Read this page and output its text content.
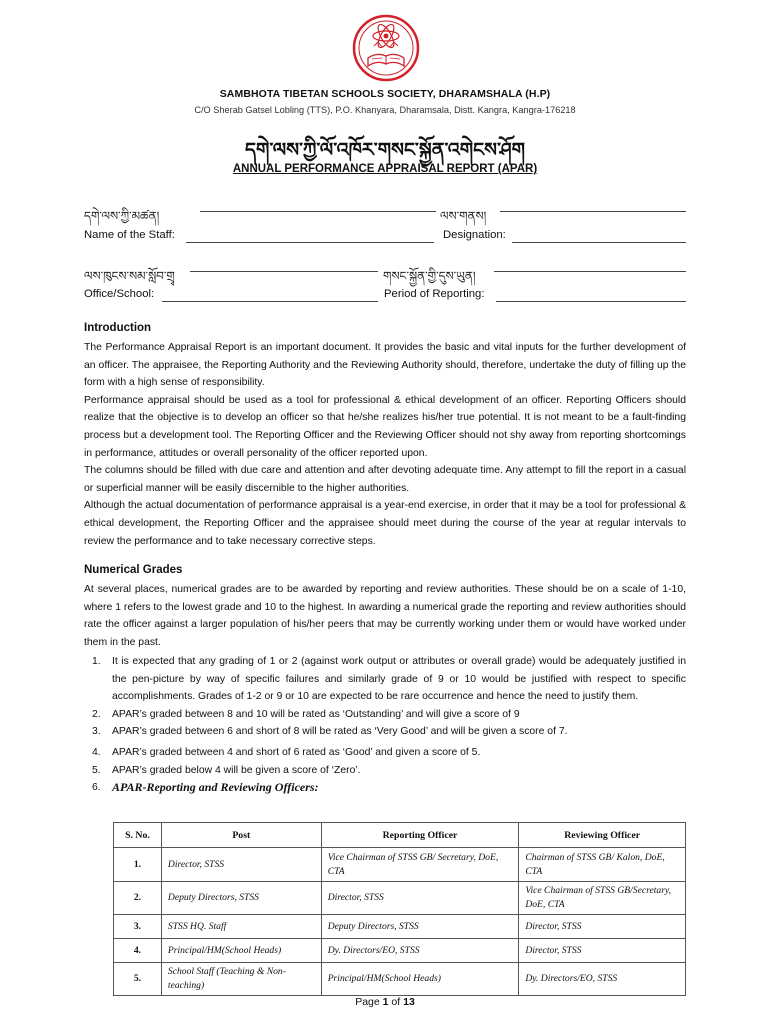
SAMBHOTA TIBETAN SCHOOLS SOCIETY, DHARAMSHALA (H.P)
C/O Sherab Gatsel Lobling (TTS), P.O. Khanyara, Dharamsala, Distt. Kangra, Kangra-176218
དགེ་ལས་ཀྱི་ལོ་འཁོར་གསང་སྐྱོན་འགེངས་ཤོག
ANNUAL PERFORMANCE APPRAISAL REPORT (APAR)
དགེ་ལས་ཀྱི་མཚན།	ལས་གནས།
Name of the Staff:	Designation:
ལས་ཁུངས་སམ་སློབ་གྲྭ	གསང་སྐྱོན་གྱི་དུས་ཡུན།
Office/School:	Period of Reporting:
Introduction

The Performance Appraisal Report is an important document. It provides the basic and vital inputs for the further development of an officer. The appraisee, the Reporting Authority and the Reviewing Authority should, therefore, undertake the duty of filling up the form with a high sense of responsibility.

Performance appraisal should be used as a tool for professional & ethical development of an officer. Reporting Officers should realize that the objective is to develop an officer so that he/she realizes his/her true potential. It is not meant to be a fault-finding process but a development tool. The Reporting Officer and the Reviewing Officer should not shy away from reporting shortcomings in performance, attitudes or overall personality of the officer reported upon.

The columns should be filled with due care and attention and after devoting adequate time. Any attempt to fill the report in a casual or superficial manner will be easily discernible to the higher authorities.

Although the actual documentation of performance appraisal is a year-end exercise, in order that it may be a tool for professional & ethical development, the Reporting Officer and the appraisee should meet during the course of the year at regular intervals to review the performance and to take necessary corrective steps.

Numerical Grades
At several places, numerical grades are to be awarded by reporting and review authorities. These should be on a scale of 1-10, where 1 refers to the lowest grade and 10 to the highest. In awarding a numerical grade the reporting and review authorities should rate the officer against a larger population of his/her peers that may be currently working under them or would have worked under them in the past.
1. It is expected that any grading of 1 or 2 (against work output or attributes or overall grade) would be adequately justified in the pen-picture by way of specific failures and similarly grade of 9 or 10 would be justified with respect to specific accomplishments. Grades of 1-2 or 9 or 10 are expected to be rare occurrence and hence the need to justify them.
2. APAR’s graded between 8 and 10 will be rated as ‘Outstanding’ and will give a score of 9
3. APAR’s graded between 6 and short of 8 will be rated as ‘Very Good’ and will be given a score of 7.
4. APAR’s graded between 4 and short of 6 rated as ‘Good’ and given a score of 5.
5. APAR’s graded below 4 will be given a score of ‘Zero’.
6. APAR-Reporting and Reviewing Officers:
S. No.	Post	Reporting Officer	Reviewing Officer
1.	Director, STSS	Vice Chairman of STSS GB/ Secretary, DoE, CTA	Chairman of STSS GB/ Kalon, DoE, CTA
2.	Deputy Directors, STSS	Director, STSS	Vice Chairman of STSS GB/Secretary, DoE, CTA
3.	STSS HQ. Staff	Deputy Directors, STSS	Director, STSS
4.	Principal/HM(School Heads)	Dy. Directors/EO, STSS	Director, STSS
5.	School Staff (Teaching & Non-teaching)	Principal/HM(School Heads)	Dy. Directors/EO, STSS
Page 1 of 13
